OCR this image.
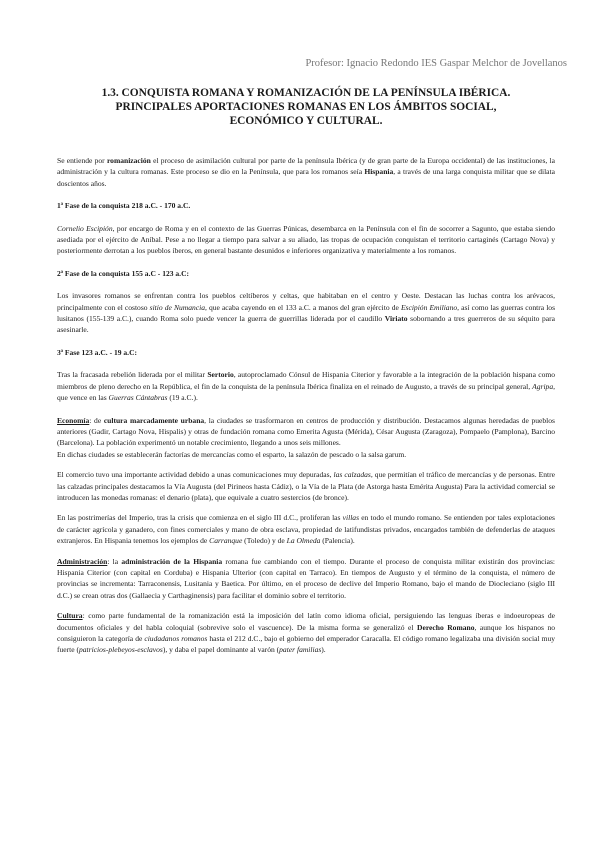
Profesor: Ignacio Redondo IES Gaspar Melchor de Jovellanos
1.3. CONQUISTA ROMANA Y ROMANIZACIÓN DE LA PENÍNSULA IBÉRICA.
PRINCIPALES APORTACIONES ROMANAS EN LOS ÁMBITOS SOCIAL,
ECONÓMICO Y CULTURAL.

Se entiende por romanización el proceso de asimilación cultural por parte de la península Ibérica (y de gran parte de la Europa occidental) de las instituciones, la administración y la cultura romanas. Este proceso se dio en la Península, que para los romanos seía Hispania, a través de una larga conquista militar que se dilata doscientos años.

1ª Fase de la conquista 218 a.C. - 170 a.C.

Cornelio Escipión, por encargo de Roma y en el contexto de las Guerras Púnicas, desembarca en la Península con el fin de socorrer a Sagunto, que estaba siendo asediada por el ejército de Aníbal. Pese a no llegar a tiempo para salvar a su aliado, las tropas de ocupación conquistan el territorio cartaginés (Cartago Nova) y posteriormente derrotan a los pueblos íberos, en general bastante desunidos e inferiores organizativa y materialmente a los romanos.

2ª Fase de la conquista 155 a.C - 123 a.C:

Los invasores romanos se enfrentan contra los pueblos celtíberos y celtas, que habitaban en el centro y Oeste. Destacan las luchas contra los arévacos, principalmente con el costoso sitio de Numancia, que acaba cayendo en el 133 a.C. a manos del gran ejército de Escipión Emiliano, así como las guerras contra los lusitanos (155-139 a.C.), cuando Roma solo puede vencer la guerra de guerrillas liderada por el caudillo Viriato sobornando a tres guerreros de su séquito para asesinarle.

3ª Fase 123 a.C. - 19 a.C:

Tras la fracasada rebelión liderada por el militar Sertorio, autoproclamado Cónsul de Hispania Citerior y favorable a la integración de la población hispana como miembros de pleno derecho en la República, el fin de la conquista de la península Ibérica finaliza en el reinado de Augusto, a través de su principal general, Agripa, que vence en las Guerras Cántabras (19 a.C.).

Economía: de cultura marcadamente urbana, la ciudades se trasformaron en centros de producción y distribución. Destacamos algunas heredadas de pueblos anteriores (Gadir, Cartago Nova, Hispalis) y otras de fundación romana como Emerita Agusta (Mérida), César Augusta (Zaragoza), Pompaelo (Pamplona), Barcino (Barcelona). La población experimentó un notable crecimiento, llegando a unos seis millones.

En dichas ciudades se establecerán factorías de mercancías como el esparto, la salazón de pescado o la salsa garum.

El comercio tuvo una importante actividad debido a unas comunicaciones muy depuradas, las calzadas, que permitían el tráfico de mercancías y de personas. Entre las calzadas principales destacamos la Vía Augusta (del Pirineos hasta Cádiz), o la Vía de la Plata (de Astorga hasta Emérita Augusta) Para la actividad comercial se introducen las monedas romanas: el denario (plata), que equivale a cuatro sestercios (de bronce).

En las postrimerías del Imperio, tras la crisis que comienza en el siglo III d.C., proliferan las villas en todo el mundo romano. Se entienden por tales explotaciones de carácter agrícola y ganadero, con fines comerciales y mano de obra esclava, propiedad de latifundistas privados, encargados también de defenderlas de ataques extranjeros. En Hispania tenemos los ejemplos de Carranque (Toledo) y de La Olmeda (Palencia).

Administración: la administración de la Hispania romana fue cambiando con el tiempo. Durante el proceso de conquista militar existirán dos provincias: Hispania Citerior (con capital en Corduba) e Hispania Ulterior (con capital en Tarraco). En tiempos de Augusto y el término de la conquista, el número de provincias se incrementa: Tarraconensis, Lusitania y Baetica. Por último, en el proceso de declive del Imperio Romano, bajo el mando de Diocleciano (siglo III d.C.) se crean otras dos (Gallaecia y Carthaginensis) para facilitar el dominio sobre el territorio.

Cultura: como parte fundamental de la romanización está la imposición del latín como idioma oficial, persiguiendo las lenguas íberas e indoeuropeas de documentos oficiales y del habla coloquial (sobrevive solo el vascuence). De la misma forma se generalizó el Derecho Romano, aunque los hispanos no consiguieron la categoría de ciudadanos romanos hasta el 212 d.C., bajo el gobierno del emperador Caracalla. El código romano legalizaba una división social muy fuerte (patricios-plebeyos-esclavos), y daba el papel dominante al varón (pater familias).
